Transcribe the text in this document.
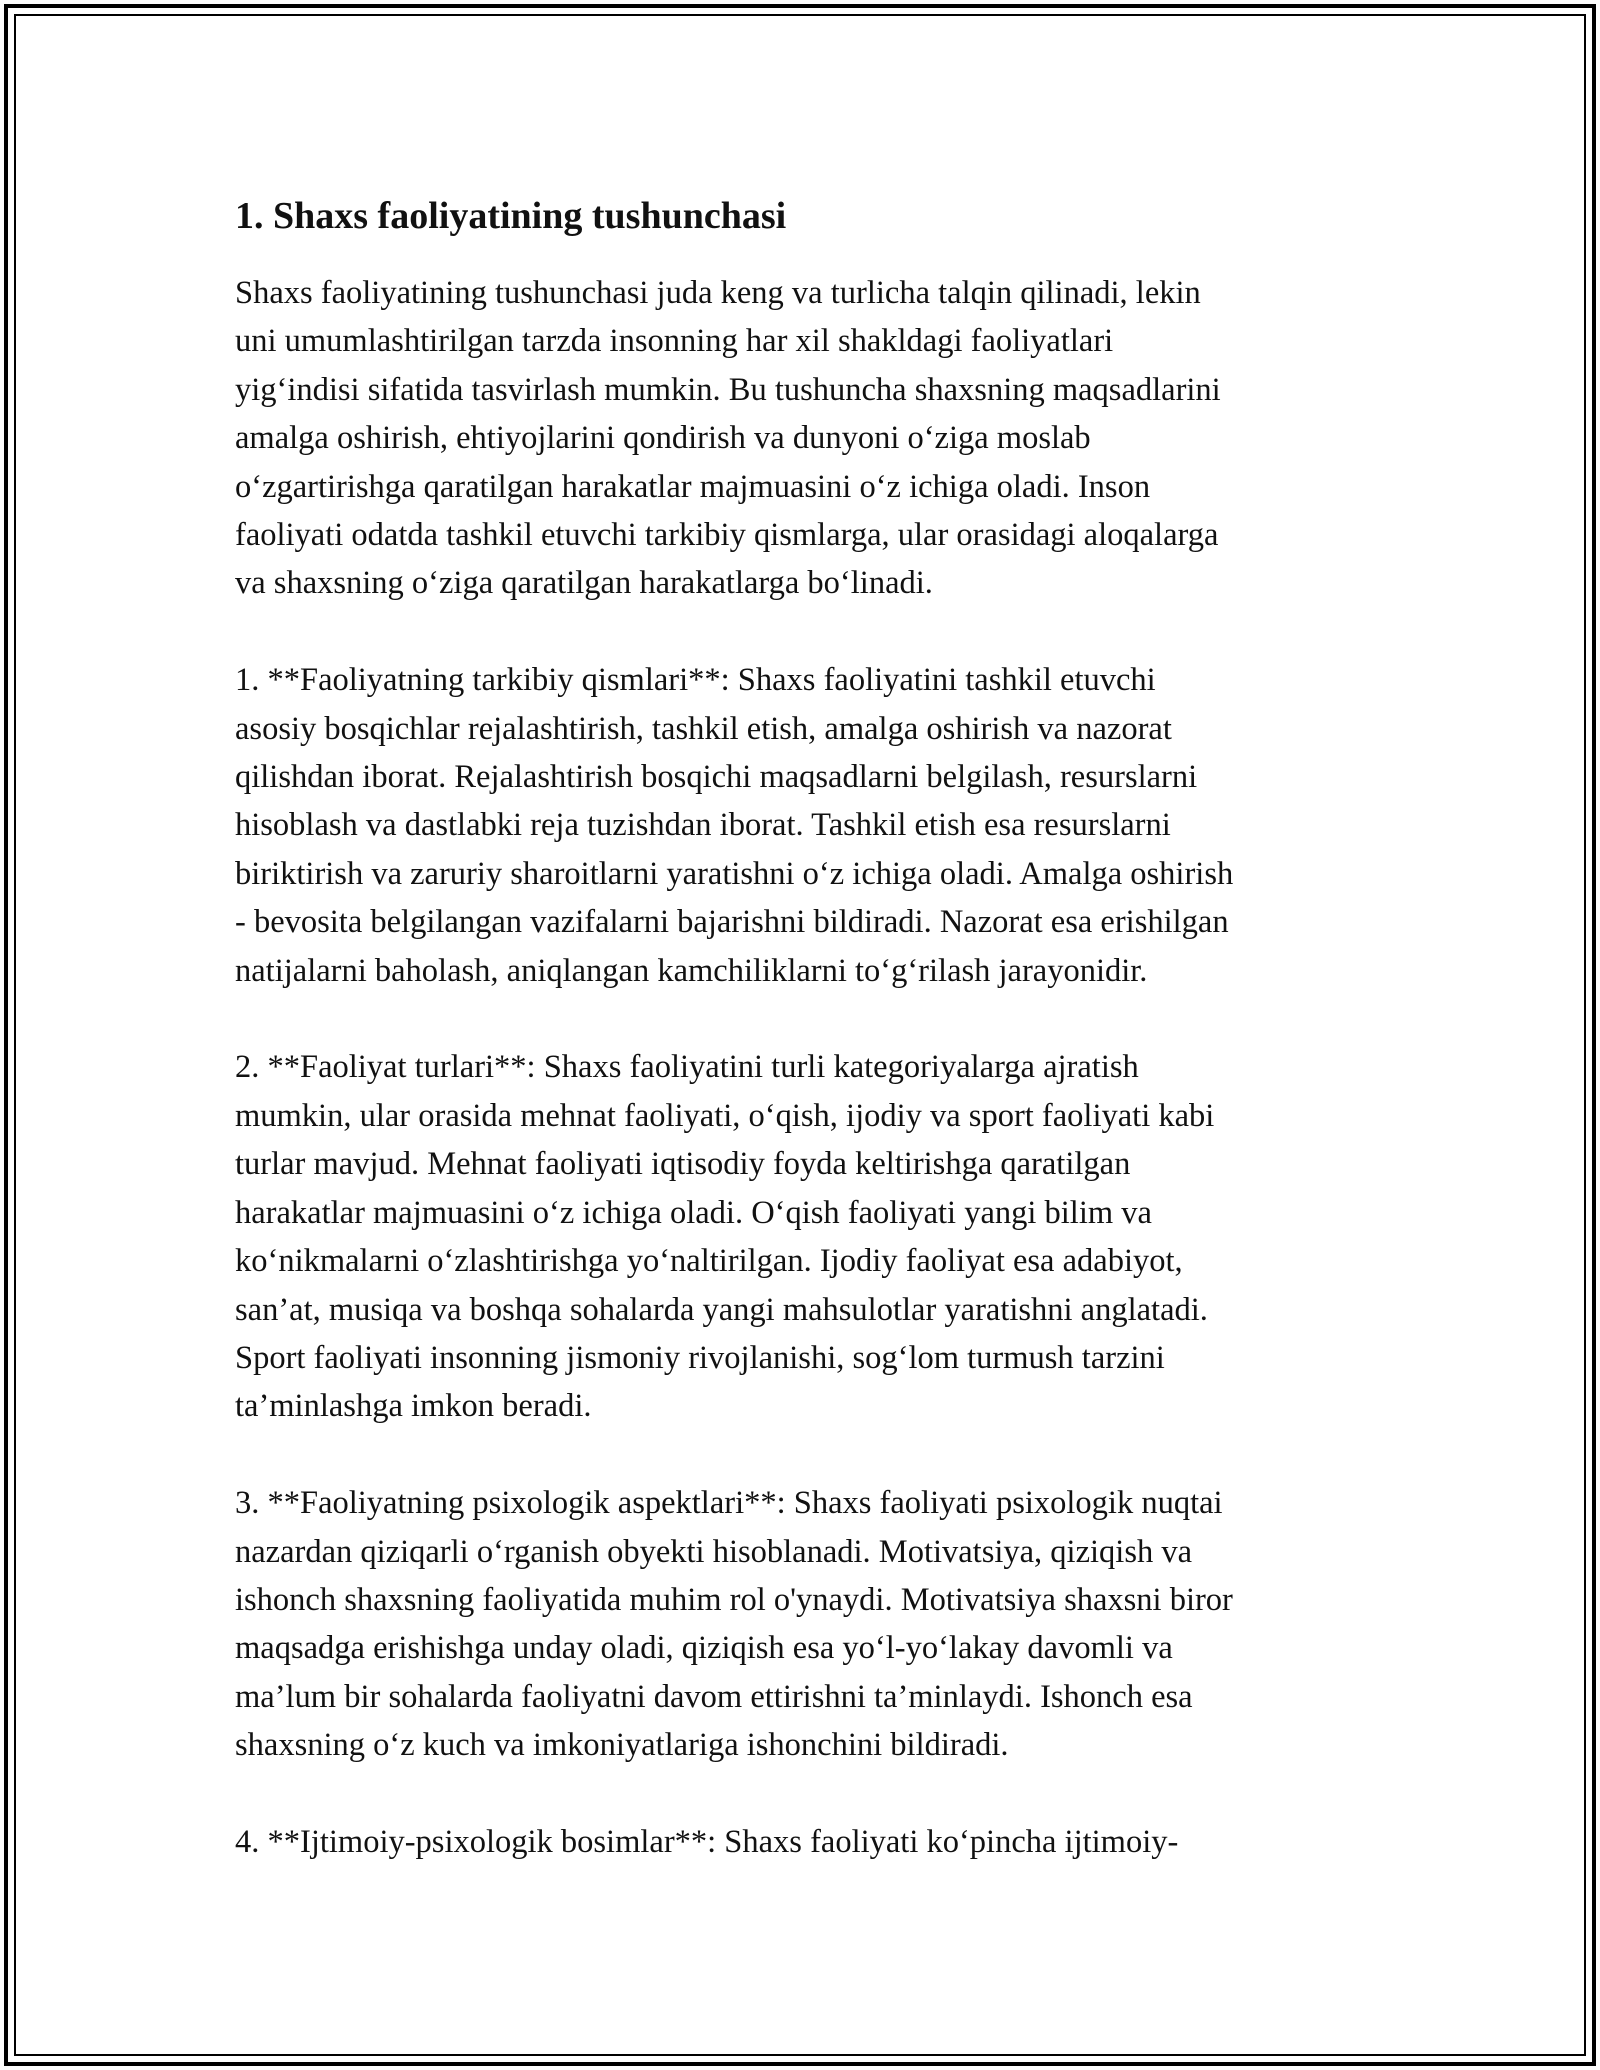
1. Shaxs faoliyatining tushunchasi

Shaxs faoliyatining tushunchasi juda keng va turlicha talqin qilinadi, lekin
uni umumlashtirilgan tarzda insonning har xil shakldagi faoliyatlari
yig‘indisi sifatida tasvirlash mumkin. Bu tushuncha shaxsning maqsadlarini
amalga oshirish, ehtiyojlarini qondirish va dunyoni o‘ziga moslab
o‘zgartirishga qaratilgan harakatlar majmuasini o‘z ichiga oladi. Inson
faoliyati odatda tashkil etuvchi tarkibiy qismlarga, ular orasidagi aloqalarga
va shaxsning o‘ziga qaratilgan harakatlarga bo‘linadi.

1. **Faoliyatning tarkibiy qismlari**: Shaxs faoliyatini tashkil etuvchi
asosiy bosqichlar rejalashtirish, tashkil etish, amalga oshirish va nazorat
qilishdan iborat. Rejalashtirish bosqichi maqsadlarni belgilash, resurslarni
hisoblash va dastlabki reja tuzishdan iborat. Tashkil etish esa resurslarni
biriktirish va zaruriy sharoitlarni yaratishni o‘z ichiga oladi. Amalga oshirish
- bevosita belgilangan vazifalarni bajarishni bildiradi. Nazorat esa erishilgan
natijalarni baholash, aniqlangan kamchiliklarni to‘g‘rilash jarayonidir.

2. **Faoliyat turlari**: Shaxs faoliyatini turli kategoriyalarga ajratish
mumkin, ular orasida mehnat faoliyati, o‘qish, ijodiy va sport faoliyati kabi
turlar mavjud. Mehnat faoliyati iqtisodiy foyda keltirishga qaratilgan
harakatlar majmuasini o‘z ichiga oladi. O‘qish faoliyati yangi bilim va
ko‘nikmalarni o‘zlashtirishga yo‘naltirilgan. Ijodiy faoliyat esa adabiyot,
san’at, musiqa va boshqa sohalarda yangi mahsulotlar yaratishni anglatadi.
Sport faoliyati insonning jismoniy rivojlanishi, sog‘lom turmush tarzini
ta’minlashga imkon beradi.

3. **Faoliyatning psixologik aspektlari**: Shaxs faoliyati psixologik nuqtai
nazardan qiziqarli o‘rganish obyekti hisoblanadi. Motivatsiya, qiziqish va
ishonch shaxsning faoliyatida muhim rol o'ynaydi. Motivatsiya shaxsni biror
maqsadga erishishga unday oladi, qiziqish esa yo‘l-yo‘lakay davomli va
ma’lum bir sohalarda faoliyatni davom ettirishni ta’minlaydi. Ishonch esa
shaxsning o‘z kuch va imkoniyatlariga ishonchini bildiradi.

4. **Ijtimoiy-psixologik bosimlar**: Shaxs faoliyati ko‘pincha ijtimoiy-
